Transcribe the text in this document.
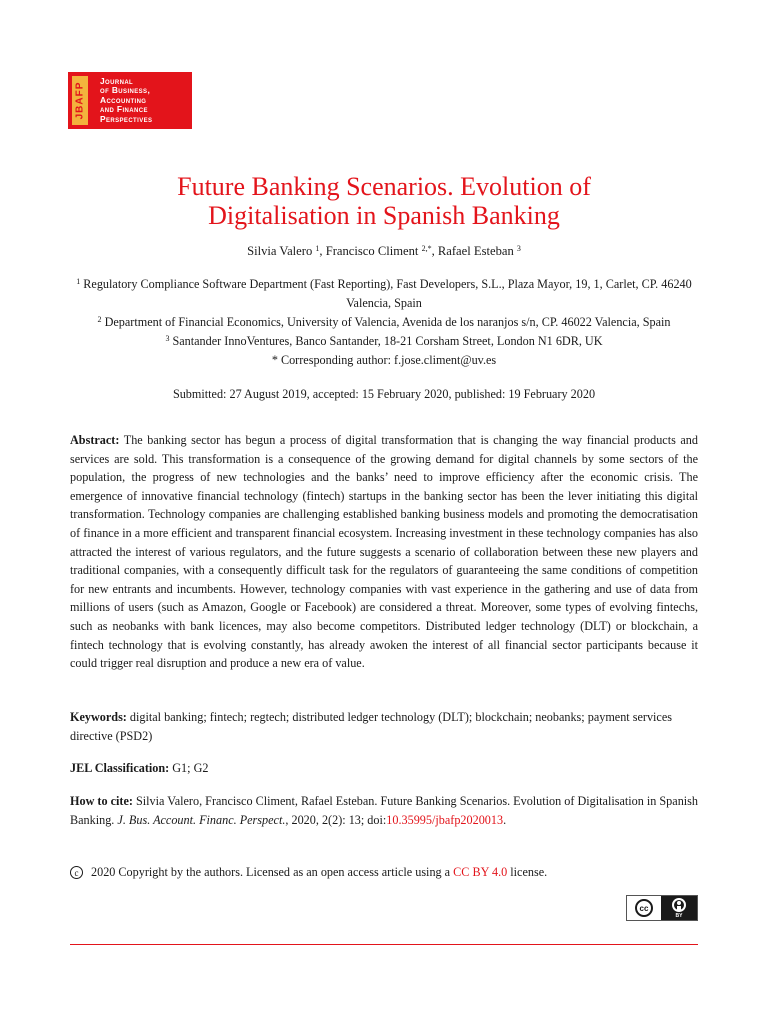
JBAFP
Journal
of Business,
Accounting
and Finance
Perspectives
Future Banking Scenarios. Evolution of
Digitalisation in Spanish Banking
Silvia Valero $^1$, Francisco Climent $^{2,*}$, Rafael Esteban $^3$
$^1$ Regulatory Compliance Software Department (Fast Reporting), Fast Developers, S.L., Plaza Mayor, 19, 1, Carlet, CP. 46240 Valencia, Spain
$^2$ Department of Financial Economics, University of Valencia, Avenida de los naranjos s/n, CP. 46022 Valencia, Spain
$^3$ Santander InnoVentures, Banco Santander, 18-21 Corsham Street, London N1 6DR, UK
* Corresponding author: f.jose.climent@uv.es
Submitted: 27 August 2019, accepted: 15 February 2020, published: 19 February 2020
Abstract: The banking sector has begun a process of digital transformation that is changing the way financial products and services are sold. This transformation is a consequence of the growing demand for digital channels by some sectors of the population, the progress of new technologies and the banks’ need to improve efficiency after the economic crisis. The emergence of innovative financial technology (fintech) startups in the banking sector has been the lever initiating this digital transformation. Technology companies are challenging established banking business models and promoting the democratisation of finance in a more efficient and transparent financial ecosystem. Increasing investment in these technology companies has also attracted the interest of various regulators, and the future suggests a scenario of collaboration between these new players and traditional companies, with a consequently difficult task for the regulators of guaranteeing the same conditions of competition for new entrants and incumbents. However, technology companies with vast experience in the gathering and use of data from millions of users (such as Amazon, Google or Facebook) are considered a threat. Moreover, some types of evolving fintechs, such as neobanks with bank licences, may also become competitors. Distributed ledger technology (DLT) or blockchain, a fintech technology that is evolving constantly, has already awoken the interest of all financial sector participants because it could trigger real disruption and produce a new era of value.
Keywords: digital banking; fintech; regtech; distributed ledger technology (DLT); blockchain; neobanks; payment services directive (PSD2)
JEL Classification: G1; G2
How to cite: Silvia Valero, Francisco Climent, Rafael Esteban. Future Banking Scenarios. Evolution of Digitalisation in Spanish Banking. J. Bus. Account. Financ. Perspect., 2020, 2(2): 13; doi:10.35995/jbafp2020013.
c	2020 Copyright by the authors. Licensed as an open access article using a
CC BY 4.0
license.
cc
BY
